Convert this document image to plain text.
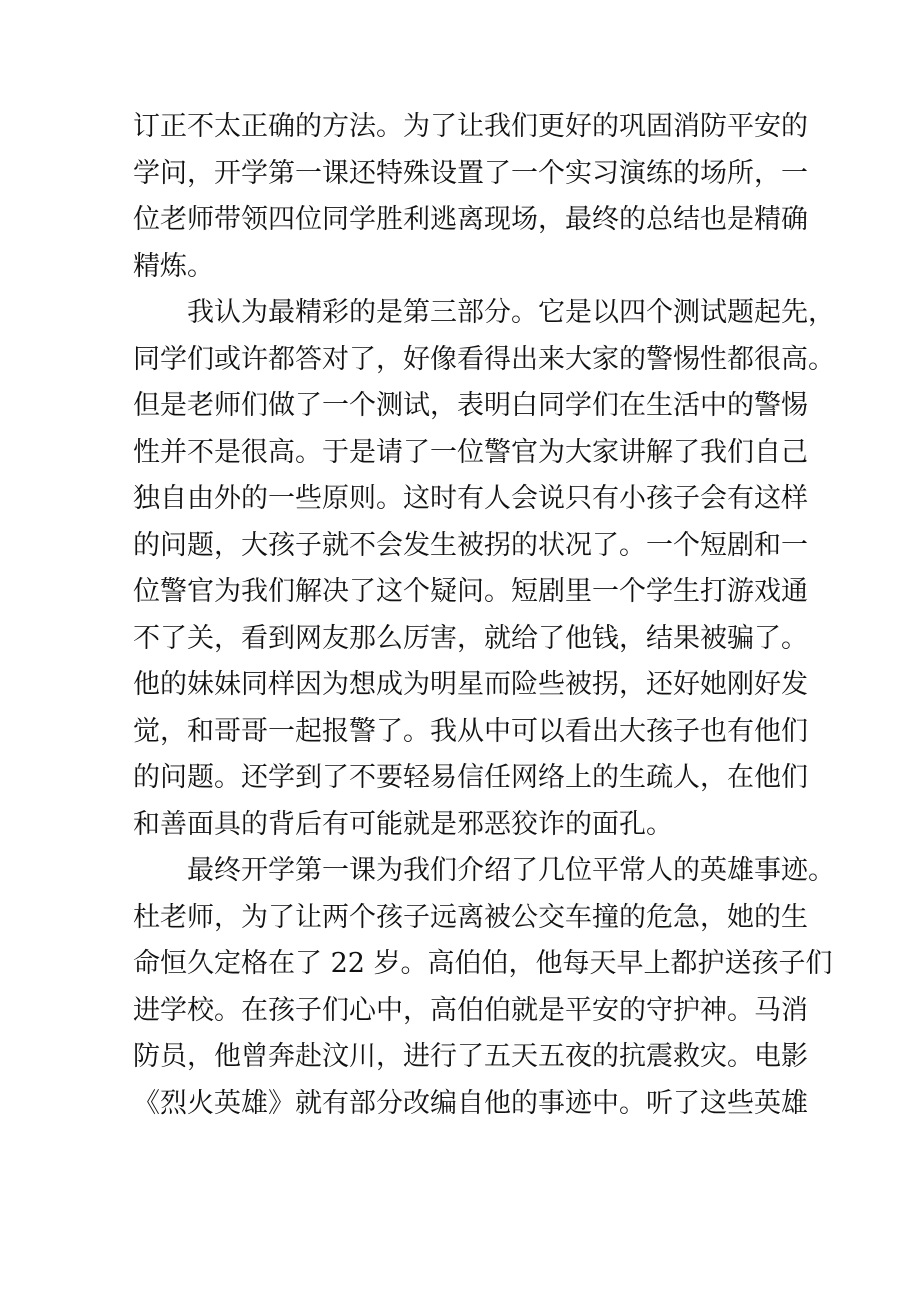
订正不太正确的方法。为了让我们更好的巩固消防平安的
学问，开学第一课还特殊设置了一个实习演练的场所，一
位老师带领四位同学胜利逃离现场，最终的总结也是精确
精炼。
我认为最精彩的是第三部分。它是以四个测试题起先，
同学们或许都答对了，好像看得出来大家的警惕性都很高。
但是老师们做了一个测试，表明白同学们在生活中的警惕
性并不是很高。于是请了一位警官为大家讲解了我们自己
独自由外的一些原则。这时有人会说只有小孩子会有这样
的问题，大孩子就不会发生被拐的状况了。一个短剧和一
位警官为我们解决了这个疑问。短剧里一个学生打游戏通
不了关，看到网友那么厉害，就给了他钱，结果被骗了。
他的妹妹同样因为想成为明星而险些被拐，还好她刚好发
觉，和哥哥一起报警了。我从中可以看出大孩子也有他们
的问题。还学到了不要轻易信任网络上的生疏人，在他们
和善面具的背后有可能就是邪恶狡诈的面孔。
最终开学第一课为我们介绍了几位平常人的英雄事迹。
杜老师，为了让两个孩子远离被公交车撞的危急，她的生
命恒久定格在了 22 岁。高伯伯，他每天早上都护送孩子们
进学校。在孩子们心中，高伯伯就是平安的守护神。马消
防员，他曾奔赴汶川，进行了五天五夜的抗震救灾。电影
《烈火英雄》就有部分改编自他的事迹中。听了这些英雄
